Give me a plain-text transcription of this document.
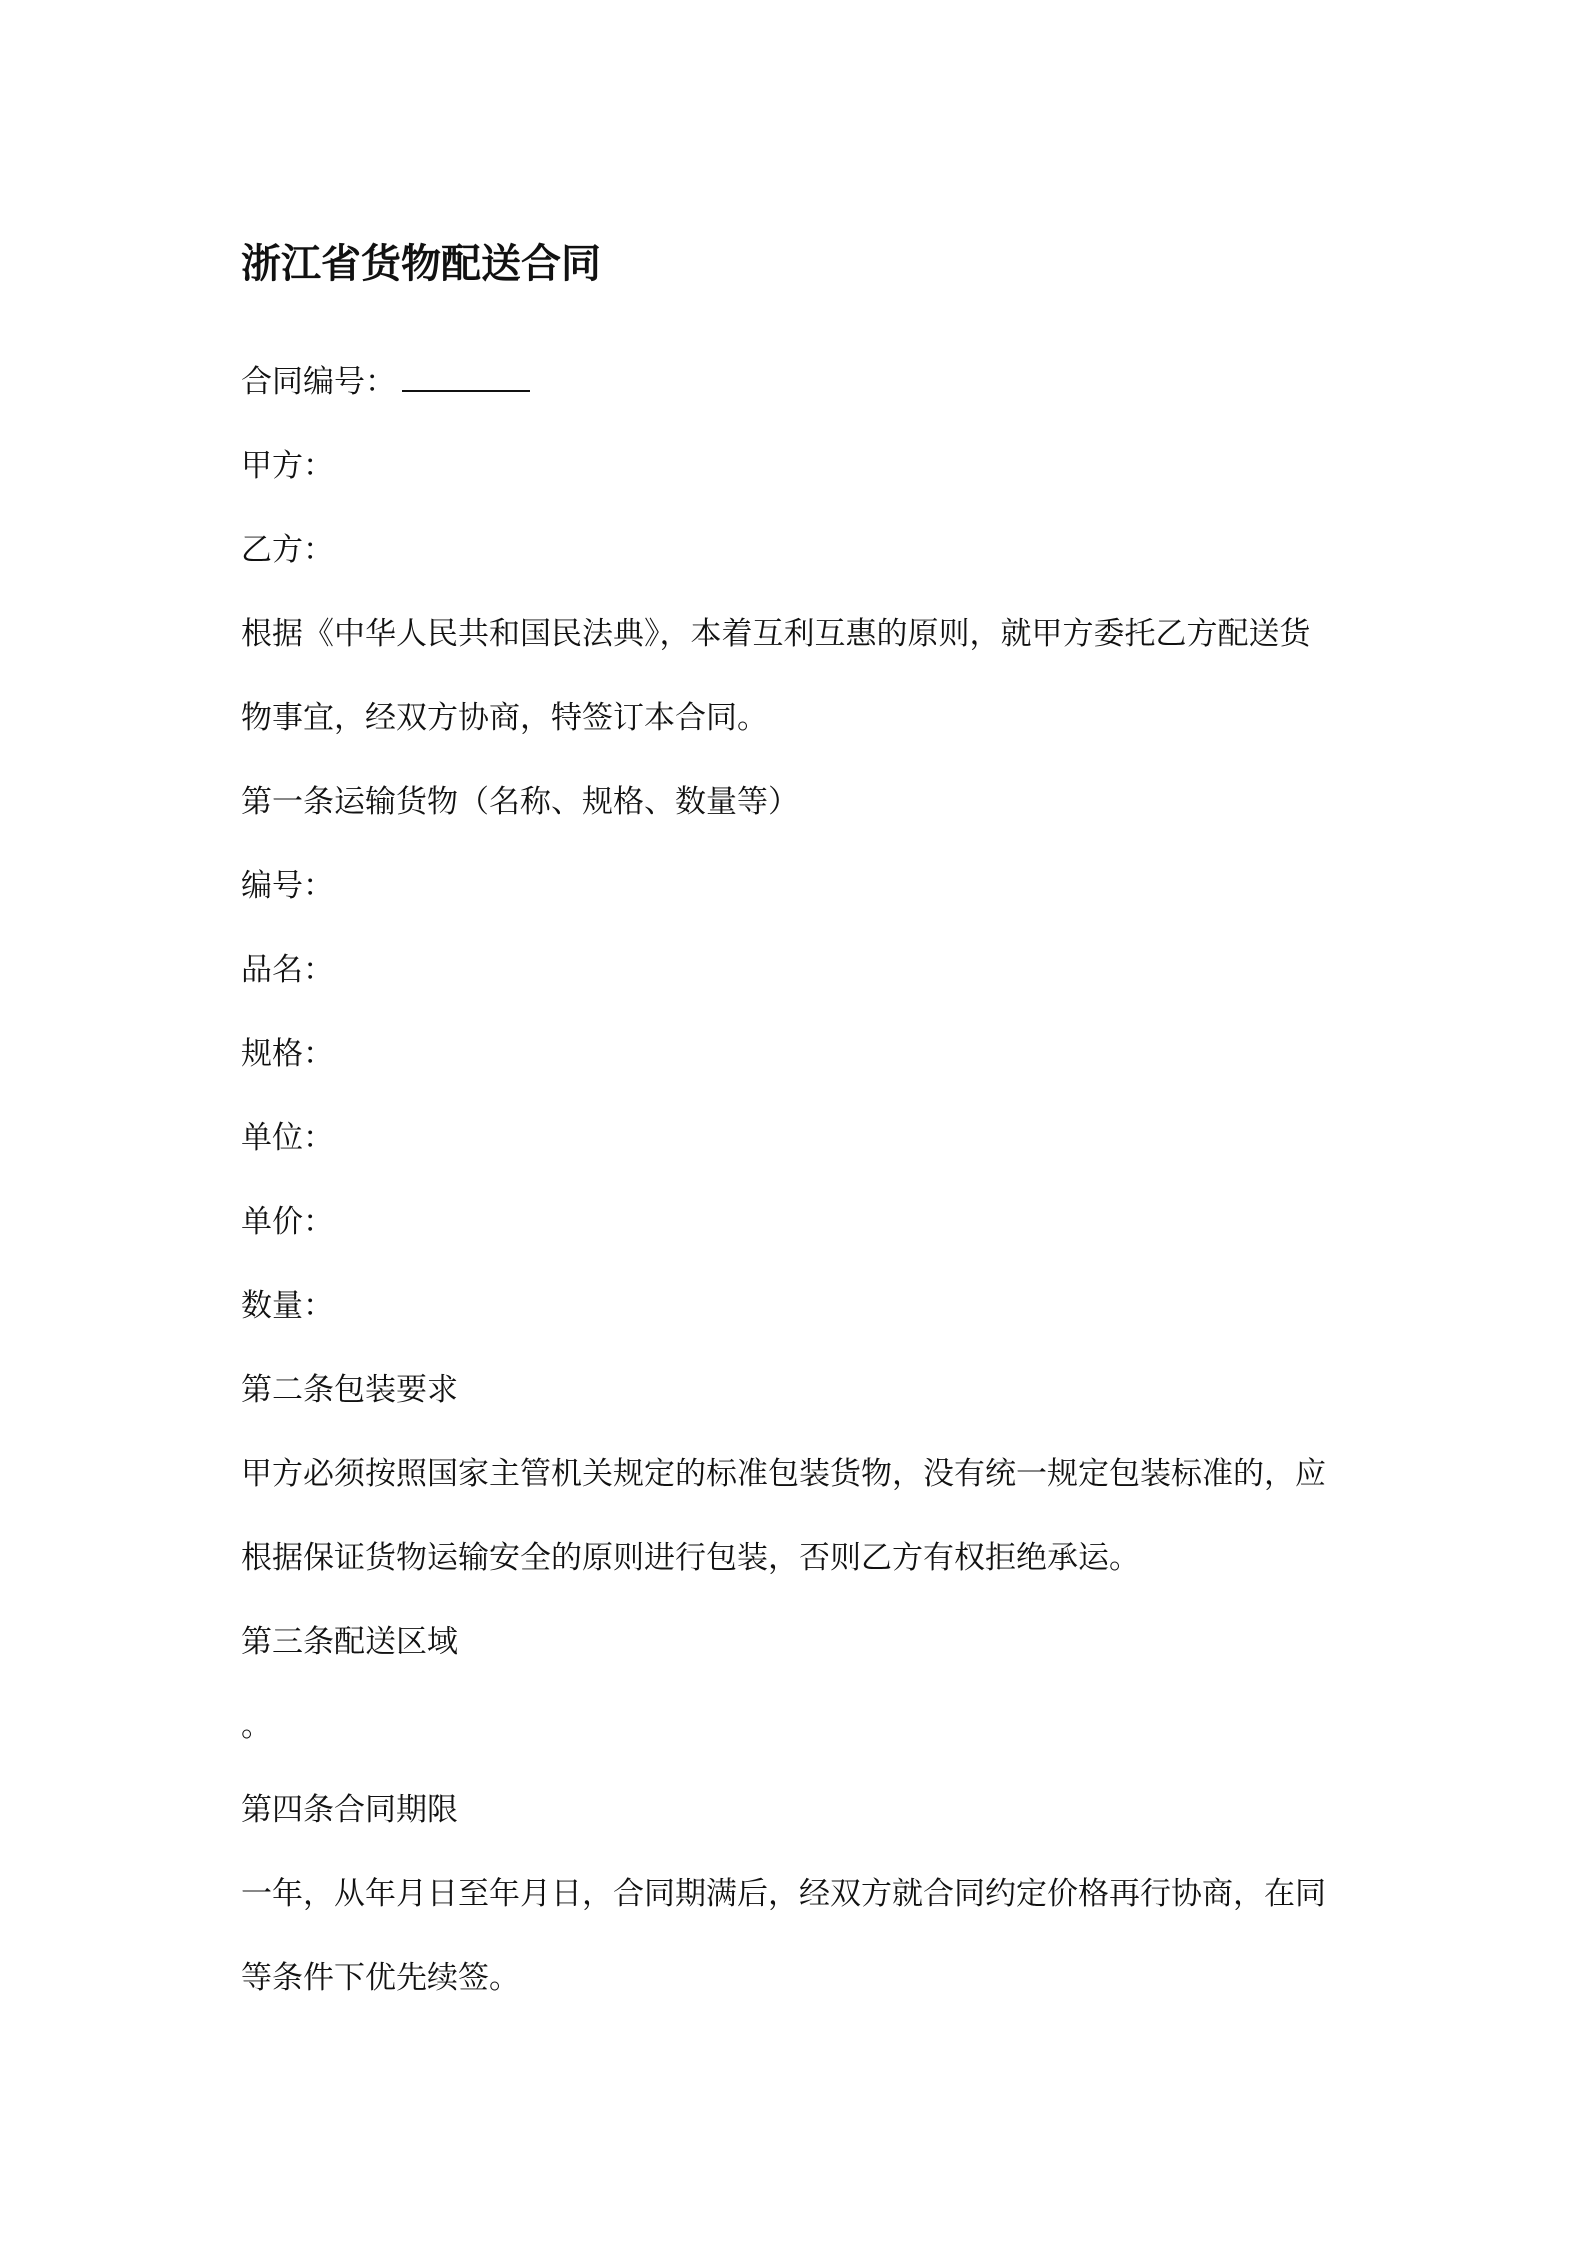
浙江省货物配送合同
合同编号：
甲方：
乙方：
根据《中华人民共和国民法典》，本着互利互惠的原则，就甲方委托乙方配送货
物事宜，经双方协商，特签订本合同。
第一条运输货物（名称、规格、数量等）
编号：
品名：
规格：
单位：
单价：
数量：
第二条包装要求
甲方必须按照国家主管机关规定的标准包装货物，没有统一规定包装标准的，应
根据保证货物运输安全的原则进行包装，否则乙方有权拒绝承运。
第三条配送区域
。
第四条合同期限
一年，从年月日至年月日，合同期满后，经双方就合同约定价格再行协商，在同
等条件下优先续签。
